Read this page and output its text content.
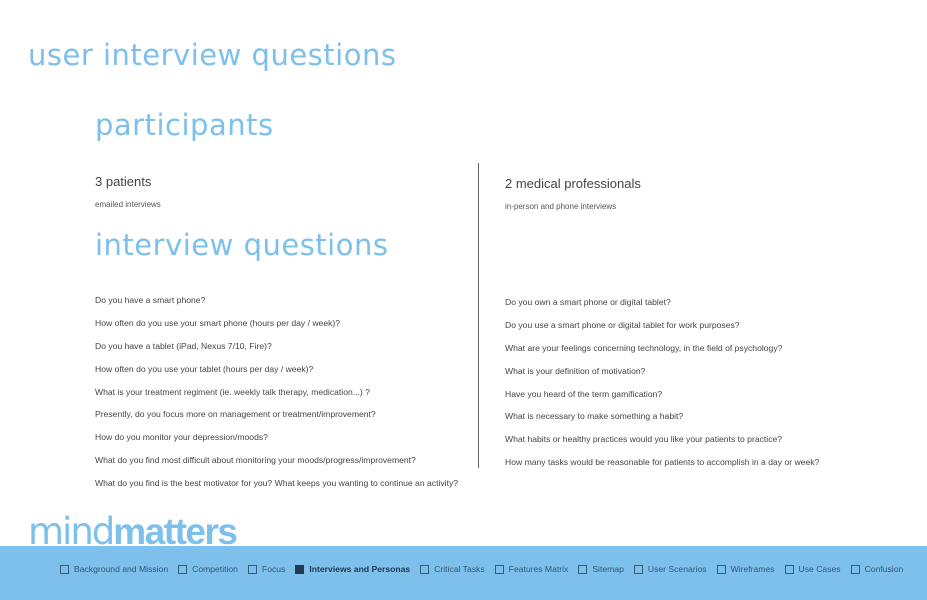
user interview questions
participants
3 patients
emailed interviews
2 medical professionals
in-person and phone interviews
interview questions
Do you have a smart phone?
How often do you use your smart phone (hours per day / week)?
Do you have a tablet (iPad, Nexus 7/10, Fire)?
How often do you use your tablet (hours per day / week)?
What is your treatment regiment (ie. weekly talk therapy, medication...) ?
Presently, do you focus more on management or treatment/improvement?
How do you monitor your depression/moods?
What do you find most difficult about monitoring your moods/progress/improvement?
What do you find is the best motivator for you? What keeps you wanting to continue an activity?
Do you own a smart phone or digital tablet?
Do you use a smart phone or digital tablet for work purposes?
What are your feelings concerning technology, in the field of psychology?
What is your definition of motivation?
Have you heard of the term gamification?
What is necessary to make something a habit?
What habits or healthy practices would you like your patients to practice?
How many tasks would be reasonable for patients to accomplish in a day or week?
mindmatters
Background and Mission	Competition	Focus	Interviews and Personas	Critical Tasks	Features Matrix	Sitemap	User Scenarios	Wireframes	Use Cases	Confusion
